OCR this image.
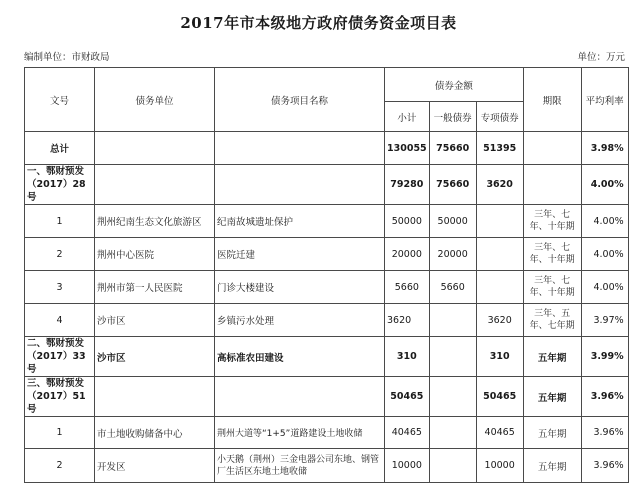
2017年市本级地方政府债务资金项目表
编制单位：市财政局	单位：万元
文号	债务单位	债务项目名称	债券金额			期限	平均利率
			小计	一般债券	专项债券		
总计			130055	75660	51395		3.98%
一、鄂财预发（2017）28号			79280	75660	3620		4.00%
1	荆州纪南生态文化旅游区	纪南故城遗址保护	50000	50000		三年、七年、十年期	4.00%
2	荆州中心医院	医院迁建	20000	20000		三年、七年、十年期	4.00%
3	荆州市第一人民医院	门诊大楼建设	5660	5660		三年、七年、十年期	4.00%
4	沙市区	乡镇污水处理	3620		3620	三年、五年、七年期	3.97%
二、鄂财预发（2017）33号	沙市区	高标准农田建设	310		310	五年期	3.99%
三、鄂财预发（2017）51号			50465		50465	五年期	3.96%
1	市土地收购储备中心	荆州大道等“1+5”道路建设土地收储	40465		40465	五年期	3.96%
2	开发区	小天鹅（荆州）三金电器公司东地、钢管厂生活区东地土地收储	10000		10000	五年期	3.96%
